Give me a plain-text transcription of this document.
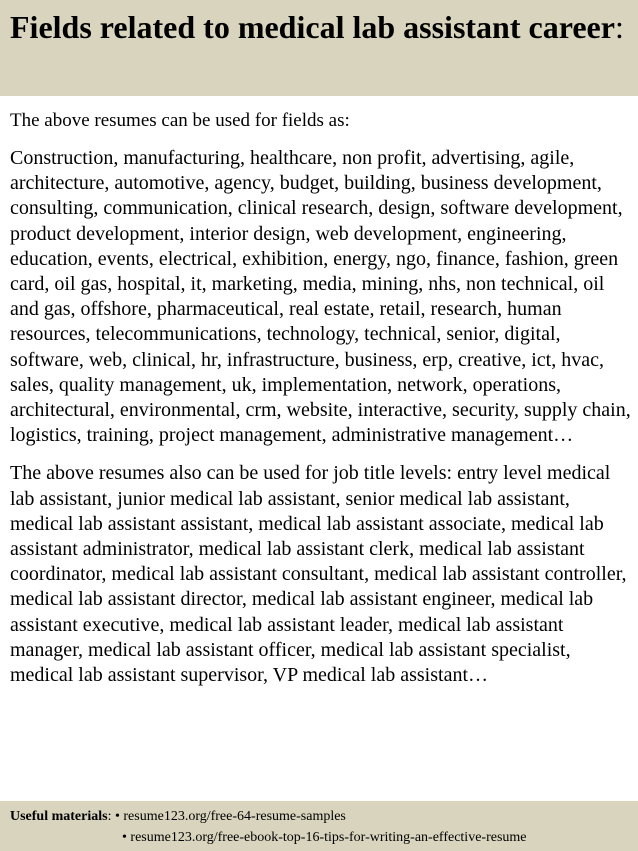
Fields related to medical lab assistant career:

The above resumes can be used for fields as:

Construction, manufacturing, healthcare, non profit, advertising, agile, architecture, automotive, agency, budget, building, business development, consulting, communication, clinical research, design, software development, product development, interior design, web development, engineering, education, events, electrical, exhibition, energy, ngo, finance, fashion, green card, oil gas, hospital, it, marketing, media, mining, nhs, non technical, oil and gas, offshore, pharmaceutical, real estate, retail, research, human resources, telecommunications, technology, technical, senior, digital, software, web, clinical, hr, infrastructure, business, erp, creative, ict, hvac, sales, quality management, uk, implementation, network, operations, architectural, environmental, crm, website, interactive, security, supply chain, logistics, training, project management, administrative management…

The above resumes also can be used for job title levels: entry level medical lab assistant, junior medical lab assistant, senior medical lab assistant, medical lab assistant assistant, medical lab assistant associate, medical lab assistant administrator, medical lab assistant clerk, medical lab assistant coordinator, medical lab assistant consultant, medical lab assistant controller, medical lab assistant director, medical lab assistant engineer, medical lab assistant executive, medical lab assistant leader, medical lab assistant manager, medical lab assistant officer, medical lab assistant specialist, medical lab assistant supervisor, VP medical lab assistant…

Useful materials: • resume123.org/free-64-resume-samples
• resume123.org/free-ebook-top-16-tips-for-writing-an-effective-resume
